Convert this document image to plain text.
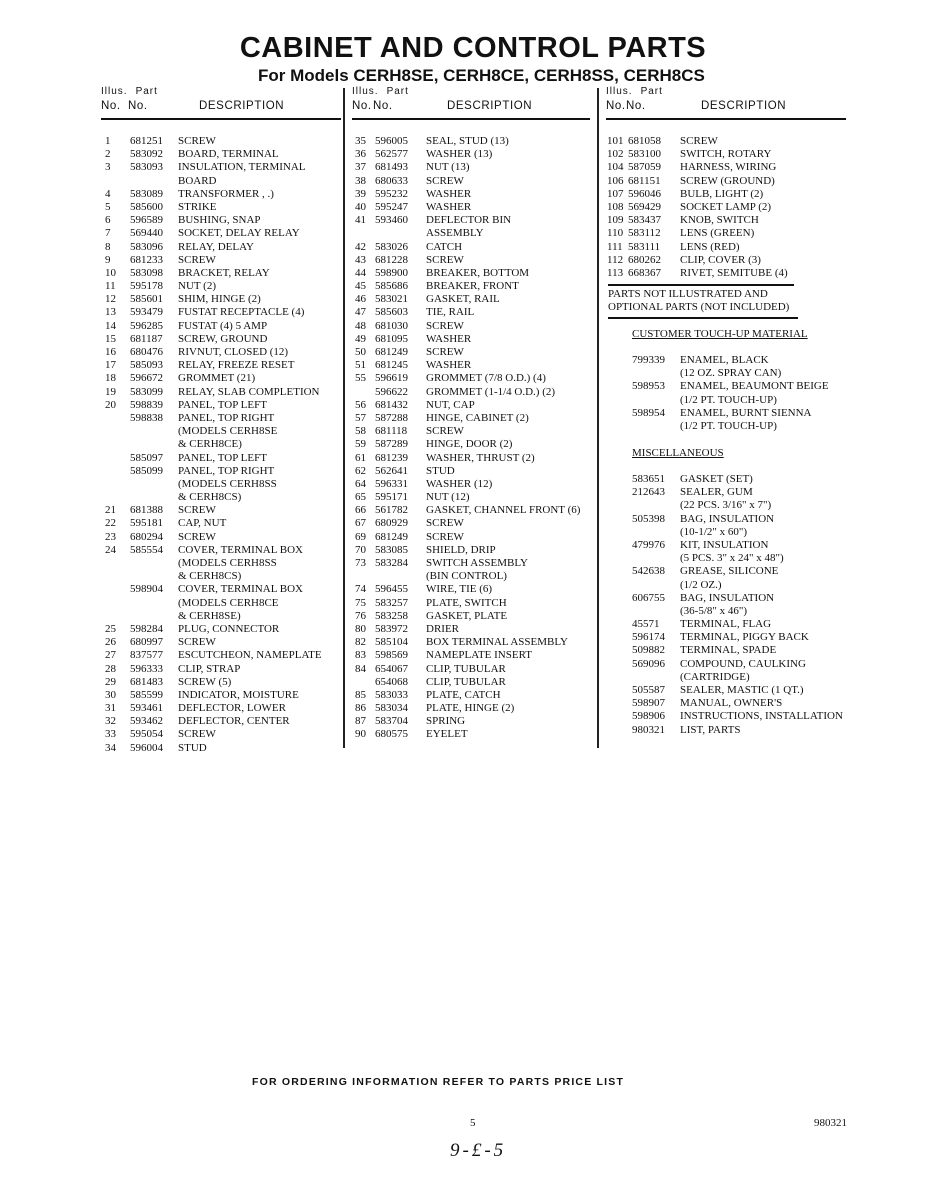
CABINET AND CONTROL PARTS
For Models CERH8SE, CERH8CE, CERH8SS, CERH8CS
Illus. Part
No. No.	DESCRIPTION
1 681251 SCREW
2 583092 BOARD, TERMINAL
3 583093 INSULATION, TERMINAL
BOARD
4 583089 TRANSFORMER , .)
5 585600 STRIKE
6 596589 BUSHING, SNAP
7 569440 SOCKET, DELAY RELAY
8 583096 RELAY, DELAY
9 681233 SCREW
10 583098 BRACKET, RELAY
11 595178 NUT (2)
12 585601 SHIM, HINGE (2)
13 593479 FUSTAT RECEPTACLE (4)
14 596285 FUSTAT (4) 5 AMP
15 681187 SCREW, GROUND
16 680476 RIVNUT, CLOSED (12)
17 585093 RELAY, FREEZE RESET
18 596672 GROMMET (21)
19 583099 RELAY, SLAB COMPLETION
20 598839 PANEL, TOP LEFT
598838 PANEL, TOP RIGHT
(MODELS CERH8SE
& CERH8CE)
585097 PANEL, TOP LEFT
585099 PANEL, TOP RIGHT
(MODELS CERH8SS
& CERH8CS)
21 681388 SCREW
22 595181 CAP, NUT
23 680294 SCREW
24 585554 COVER, TERMINAL BOX
(MODELS CERH8SS
& CERH8CS)
598904 COVER, TERMINAL BOX
(MODELS CERH8CE
& CERH8SE)
25 598284 PLUG, CONNECTOR
26 680997 SCREW
27 837577 ESCUTCHEON, NAMEPLATE
28 596333 CLIP, STRAP
29 681483 SCREW (5)
30 585599 INDICATOR, MOISTURE
31 593461 DEFLECTOR, LOWER
32 593462 DEFLECTOR, CENTER
33 595054 SCREW
34 596004 STUD
Illus. Part
No. No.	DESCRIPTION
35 596005 SEAL, STUD (13)
36 562577 WASHER (13)
37 681493 NUT (13)
38 680633 SCREW
39 595232 WASHER
40 595247 WASHER
41 593460 DEFLECTOR BIN
ASSEMBLY
42 583026 CATCH
43 681228 SCREW
44 598900 BREAKER, BOTTOM
45 585686 BREAKER, FRONT
46 583021 GASKET, RAIL
47 585603 TIE, RAIL
48 681030 SCREW
49 681095 WASHER
50 681249 SCREW
51 681245 WASHER
55 596619 GROMMET (7/8 O.D.) (4)
596622 GROMMET (1-1/4 O.D.) (2)
56 681432 NUT, CAP
57 587288 HINGE, CABINET (2)
58 681118 SCREW
59 587289 HINGE, DOOR (2)
61 681239 WASHER, THRUST (2)
62 562641 STUD
64 596331 WASHER (12)
65 595171 NUT (12)
66 561782 GASKET, CHANNEL FRONT (6)
67 680929 SCREW
69 681249 SCREW
70 583085 SHIELD, DRIP
73 583284 SWITCH ASSEMBLY
(BIN CONTROL)
74 596455 WIRE, TIE (6)
75 583257 PLATE, SWITCH
76 583258 GASKET, PLATE
80 583972 DRIER
82 585104 BOX TERMINAL ASSEMBLY
83 598569 NAMEPLATE INSERT
84 654067 CLIP, TUBULAR
654068 CLIP, TUBULAR
85 583033 PLATE, CATCH
86 583034 PLATE, HINGE (2)
87 583704 SPRING
90 680575 EYELET
Illus. Part
No. No.	DESCRIPTION
101 681058 SCREW
102 583100 SWITCH, ROTARY
104 587059 HARNESS, WIRING
106 681151 SCREW (GROUND)
107 596046 BULB, LIGHT (2)
108 569429 SOCKET LAMP (2)
109 583437 KNOB, SWITCH
110 583112 LENS (GREEN)
111 583111 LENS (RED)
112 680262 CLIP, COVER (3)
113 668367 RIVET, SEMITUBE (4)
PARTS NOT ILLUSTRATED AND
OPTIONAL PARTS (NOT INCLUDED)
CUSTOMER TOUCH-UP MATERIAL
799339 ENAMEL, BLACK
(12 OZ. SPRAY CAN)
598953 ENAMEL, BEAUMONT BEIGE
(1/2 PT. TOUCH-UP)
598954 ENAMEL, BURNT SIENNA
(1/2 PT. TOUCH-UP)
MISCELLANEOUS
583651 GASKET (SET)
212643 SEALER, GUM
(22 PCS. 3/16" x 7")
505398 BAG, INSULATION
(10-1/2" x 60")
479976 KIT, INSULATION
(5 PCS. 3" x 24" x 48")
542638 GREASE, SILICONE
(1/2 OZ.)
606755 BAG, INSULATION
(36-5/8" x 46")
45571 TERMINAL, FLAG
596174 TERMINAL, PIGGY BACK
509882 TERMINAL, SPADE
569096 COMPOUND, CAULKING
(CARTRIDGE)
505587 SEALER, MASTIC (1 QT.)
598907 MANUAL, OWNER'S
598906 INSTRUCTIONS, INSTALLATION
980321 LIST, PARTS
FOR ORDERING INFORMATION REFER TO PARTS PRICE LIST
5	980321
9-£-5
